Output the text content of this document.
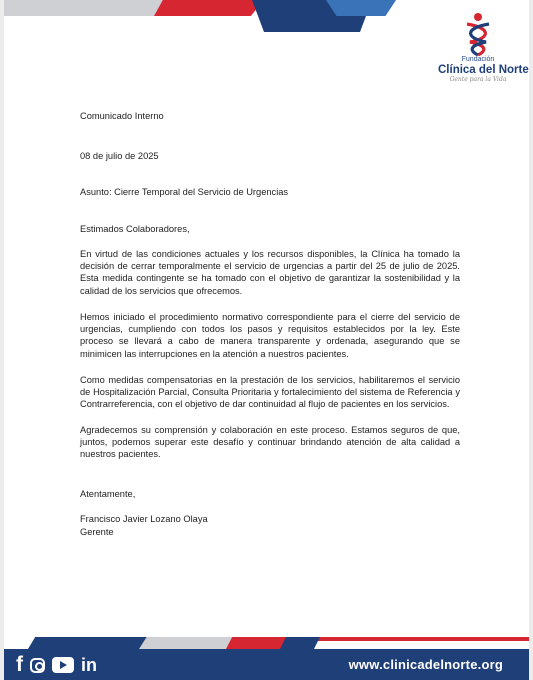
Fundación
Clínica del Norte
Gente para la Vida
Comunicado Interno
08 de julio de 2025
Asunto: Cierre Temporal del Servicio de Urgencias
Estimados Colaboradores,
En virtud de las condiciones actuales y los recursos disponibles, la Clínica ha tomado la decisión de cerrar temporalmente el servicio de urgencias a partir del 25 de julio de 2025. Esta medida contingente se ha tomado con el objetivo de garantizar la sostenibilidad y la calidad de los servicios que ofrecemos.
Hemos iniciado el procedimiento normativo correspondiente para el cierre del servicio de urgencias, cumpliendo con todos los pasos y requisitos establecidos por la ley. Este proceso se llevará a cabo de manera transparente y ordenada, asegurando que se minimicen las interrupciones en la atención a nuestros pacientes.
Como medidas compensatorias en la prestación de los servicios, habilitaremos el servicio de Hospitalización Parcial, Consulta Prioritaria y fortalecimiento del sistema de Referencia y Contrarreferencia, con el objetivo de dar continuidad al flujo de pacientes en los servicios.
Agradecemos su comprensión y colaboración en este proceso. Estamos seguros de que, juntos, podemos superar este desafío y continuar brindando atención de alta calidad a nuestros pacientes.
Atentamente,
Francisco Javier Lozano Olaya
Gerente
f	in	www.clinicadelnorte.org
